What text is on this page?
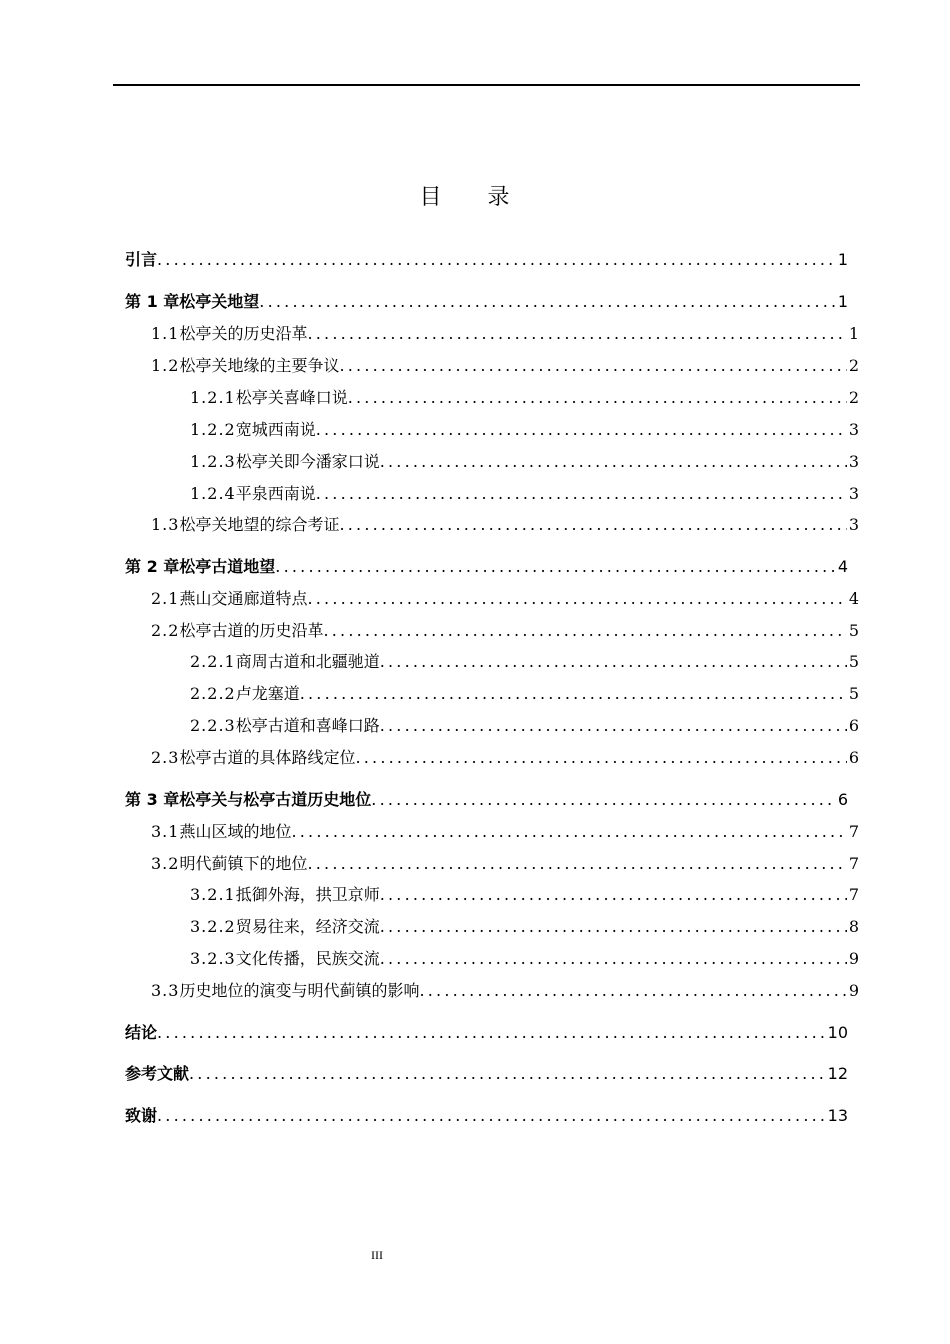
目录
引言 .....	1
第 1 章 松亭关地望 .....	1
1.1 松亭关的历史沿革 .....	1
1.2 松亭关地缘的主要争议 .....	2
1.2.1 松亭关喜峰口说 .....	2
1.2.2 宽城西南说 .....	3
1.2.3 松亭关即今潘家口说 .....	3
1.2.4 平泉西南说 .....	3
1.3 松亭关地望的综合考证 .....	3
第 2 章 松亭古道地望 .....	4
2.1 燕山交通廊道特点 .....	4
2.2 松亭古道的历史沿革 .....	5
2.2.1 商周古道和北疆驰道 .....	5
2.2.2 卢龙塞道 .....	5
2.2.3 松亭古道和喜峰口路 .....	6
2.3 松亭古道的具体路线定位 .....	6
第 3 章 松亭关与松亭古道历史地位 .....	6
3.1 燕山区域的地位 .....	7
3.2 明代蓟镇下的地位 .....	7
3.2.1 抵御外海，拱卫京师 .....	7
3.2.2 贸易往来，经济交流 .....	8
3.2.3 文化传播，民族交流 .....	9
3.3 历史地位的演变与明代蓟镇的影响 .....	9
结论 .....	10
参考文献 .....	12
致谢 .....	13
III
